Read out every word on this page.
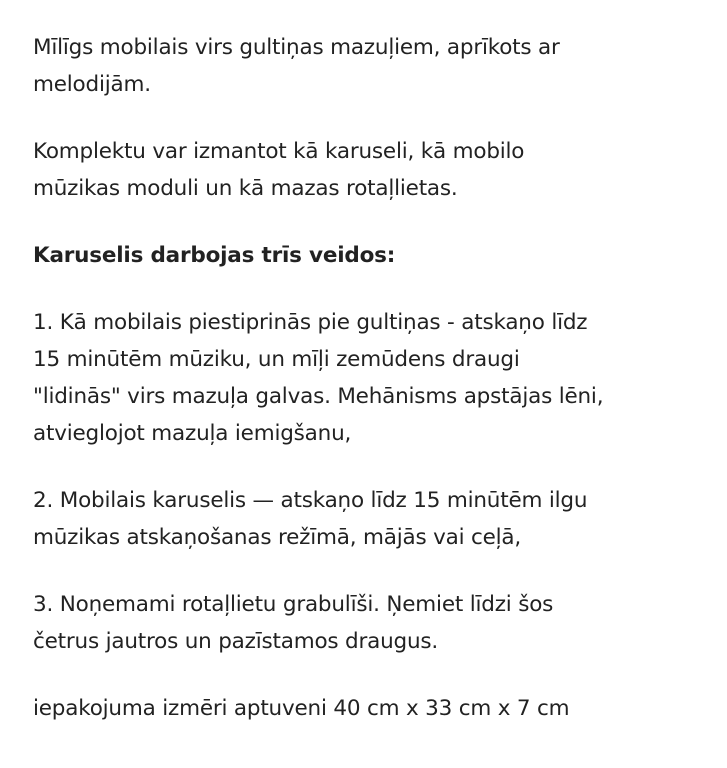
Mīlīgs mobilais virs gultiņas mazuļiem, aprīkots ar
melodijām.

Komplektu var izmantot kā karuseli, kā mobilo
mūzikas moduli un kā mazas rotaļlietas.

Karuselis darbojas trīs veidos:

1. Kā mobilais piestiprinās pie gultiņas - atskaņo līdz
15 minūtēm mūziku, un mīļi zemūdens draugi
"lidinās" virs mazuļa galvas. Mehānisms apstājas lēni,
atvieglojot mazuļa iemigšanu,

2. Mobilais karuselis — atskaņo līdz 15 minūtēm ilgu
mūzikas atskaņošanas režīmā, mājās vai ceļā,

3. Noņemami rotaļlietu grabulīši. Ņemiet līdzi šos
četrus jautros un pazīstamos draugus.

iepakojuma izmēri aptuveni 40 cm x 33 cm x 7 cm
